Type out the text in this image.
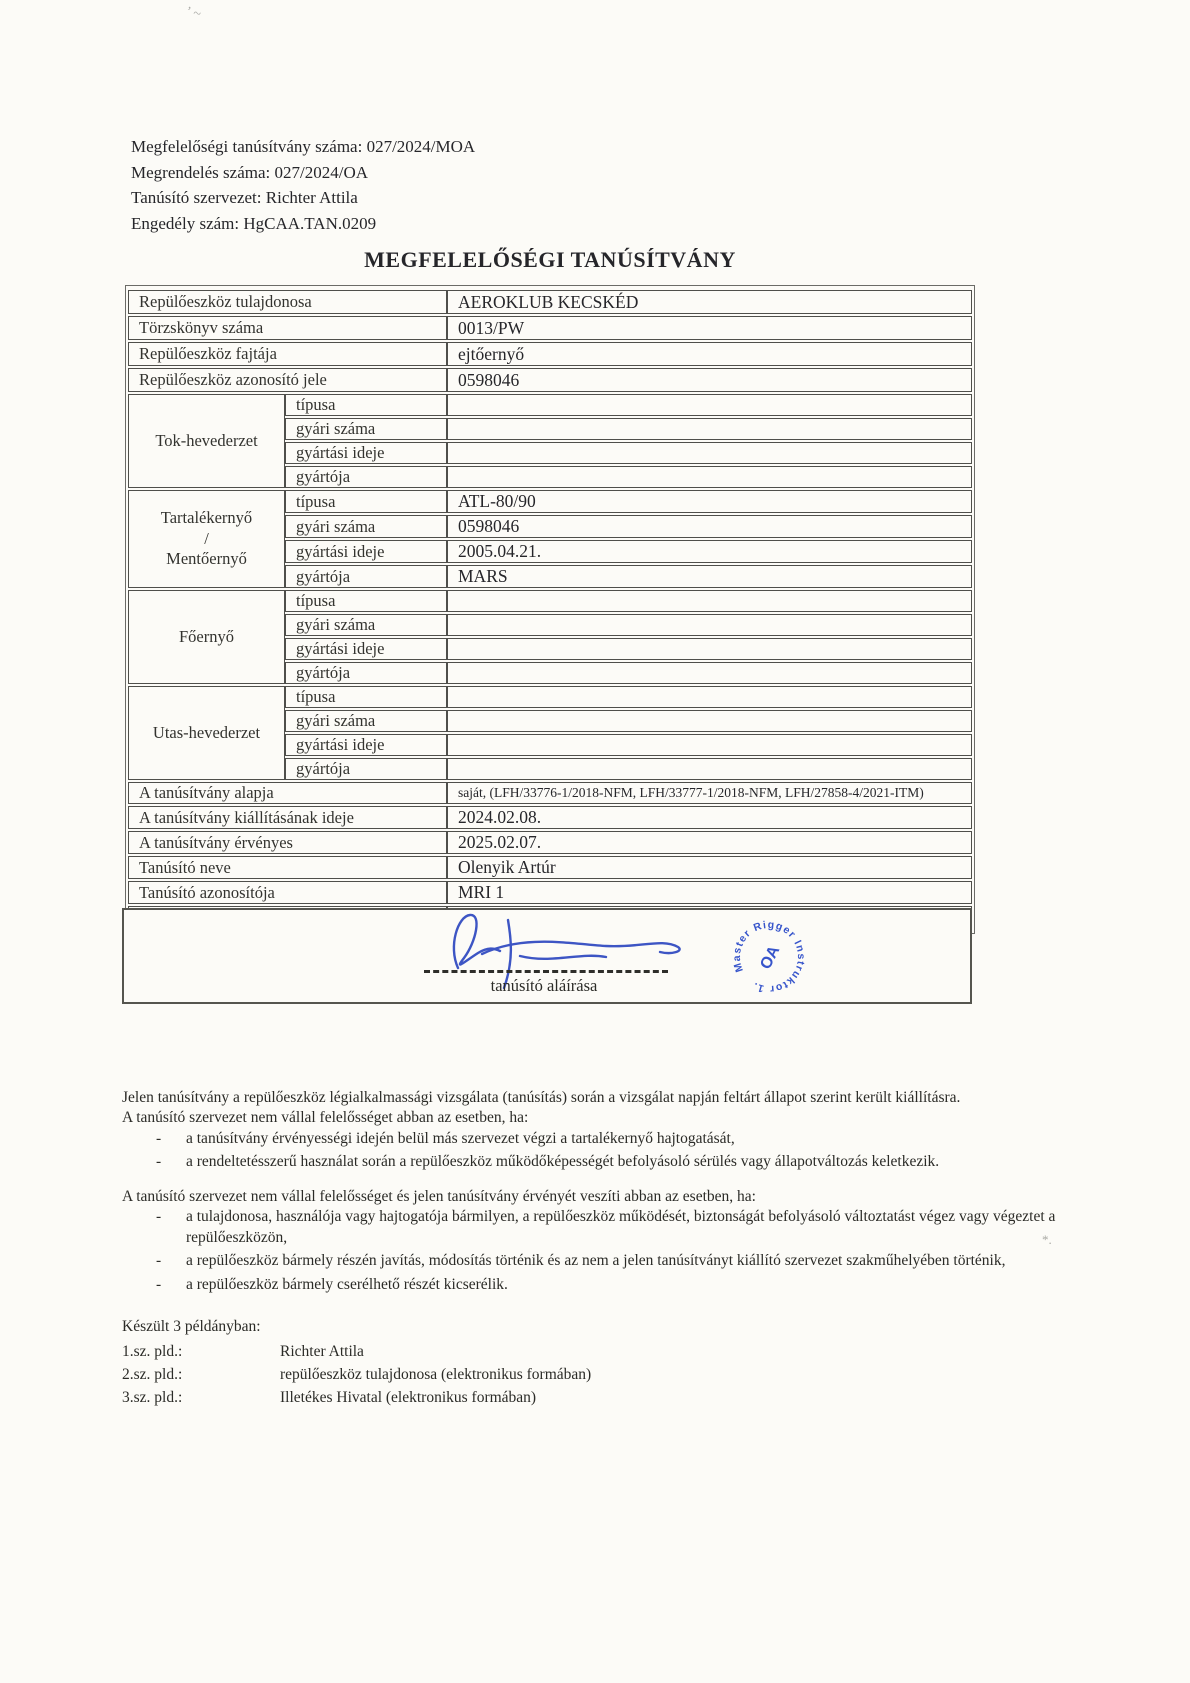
’ ~
*.
Megfelelőségi tanúsítvány száma: 027/2024/MOA
Megrendelés száma: 027/2024/OA
Tanúsító szervezet: Richter Attila
Engedély szám: HgCAA.TAN.0209
MEGFELELŐSÉGI TANÚSÍTVÁNY
Repülőeszköz tulajdonosa		AEROKLUB KECSKÉD
Törzskönyv száma		0013/PW
Repülőeszköz fajtája		ejtőernyő
Repülőeszköz azonosító jele		0598046

Tok-hevederzet	típusa	
	gyári száma	
	gyártási ideje	
	gyártója	

Tartalékernyő
/
Mentőernyő	típusa	ATL-80/90
	gyári száma	0598046
	gyártási ideje	2005.04.21.
	gyártója	MARS

Főernyő	típusa	
	gyári száma	
	gyártási ideje	
	gyártója	

Utas-hevederzet	típusa	
	gyári száma	
	gyártási ideje	
	gyártója	
A tanúsítvány alapja		saját, (LFH/33776-1/2018-NFM, LFH/33777-1/2018-NFM, LFH/27858-4/2021-ITM)
A tanúsítvány kiállításának ideje		2024.02.08.
A tanúsítvány érvényes		2025.02.07.
Tanúsító neve		Olenyik Artúr
Tanúsító azonosítója		MRI 1

tanúsító aláírása
Master Rigger Instruktor 1.
OA

Jelen tanúsítvány a repülőeszköz légialkalmassági vizsgálata (tanúsítás) során a vizsgálat napján feltárt állapot szerint került kiállításra.

A tanúsító szervezet nem vállal felelősséget abban az esetben, ha:

- a tanúsítvány érvényességi idején belül más szervezet végzi a tartalékernyő hajtogatását,
- a rendeltetésszerű használat során a repülőeszköz működőképességét befolyásoló sérülés vagy állapotváltozás keletkezik.

A tanúsító szervezet nem vállal felelősséget és jelen tanúsítvány érvényét veszíti abban az esetben, ha:

- a tulajdonosa, használója vagy hajtogatója bármilyen, a repülőeszköz működését, biztonságát befolyásoló változtatást végez vagy végeztet a repülőeszközön,
- a repülőeszköz bármely részén javítás, módosítás történik és az nem a jelen tanúsítványt kiállító szervezet szakműhelyében történik,
- a repülőeszköz bármely cserélhető részét kicserélik.
Készült 3 példányban:
1.sz. pld.:	Richter Attila
2.sz. pld.:	repülőeszköz tulajdonosa (elektronikus formában)
3.sz. pld.:	Illetékes Hivatal (elektronikus formában)
